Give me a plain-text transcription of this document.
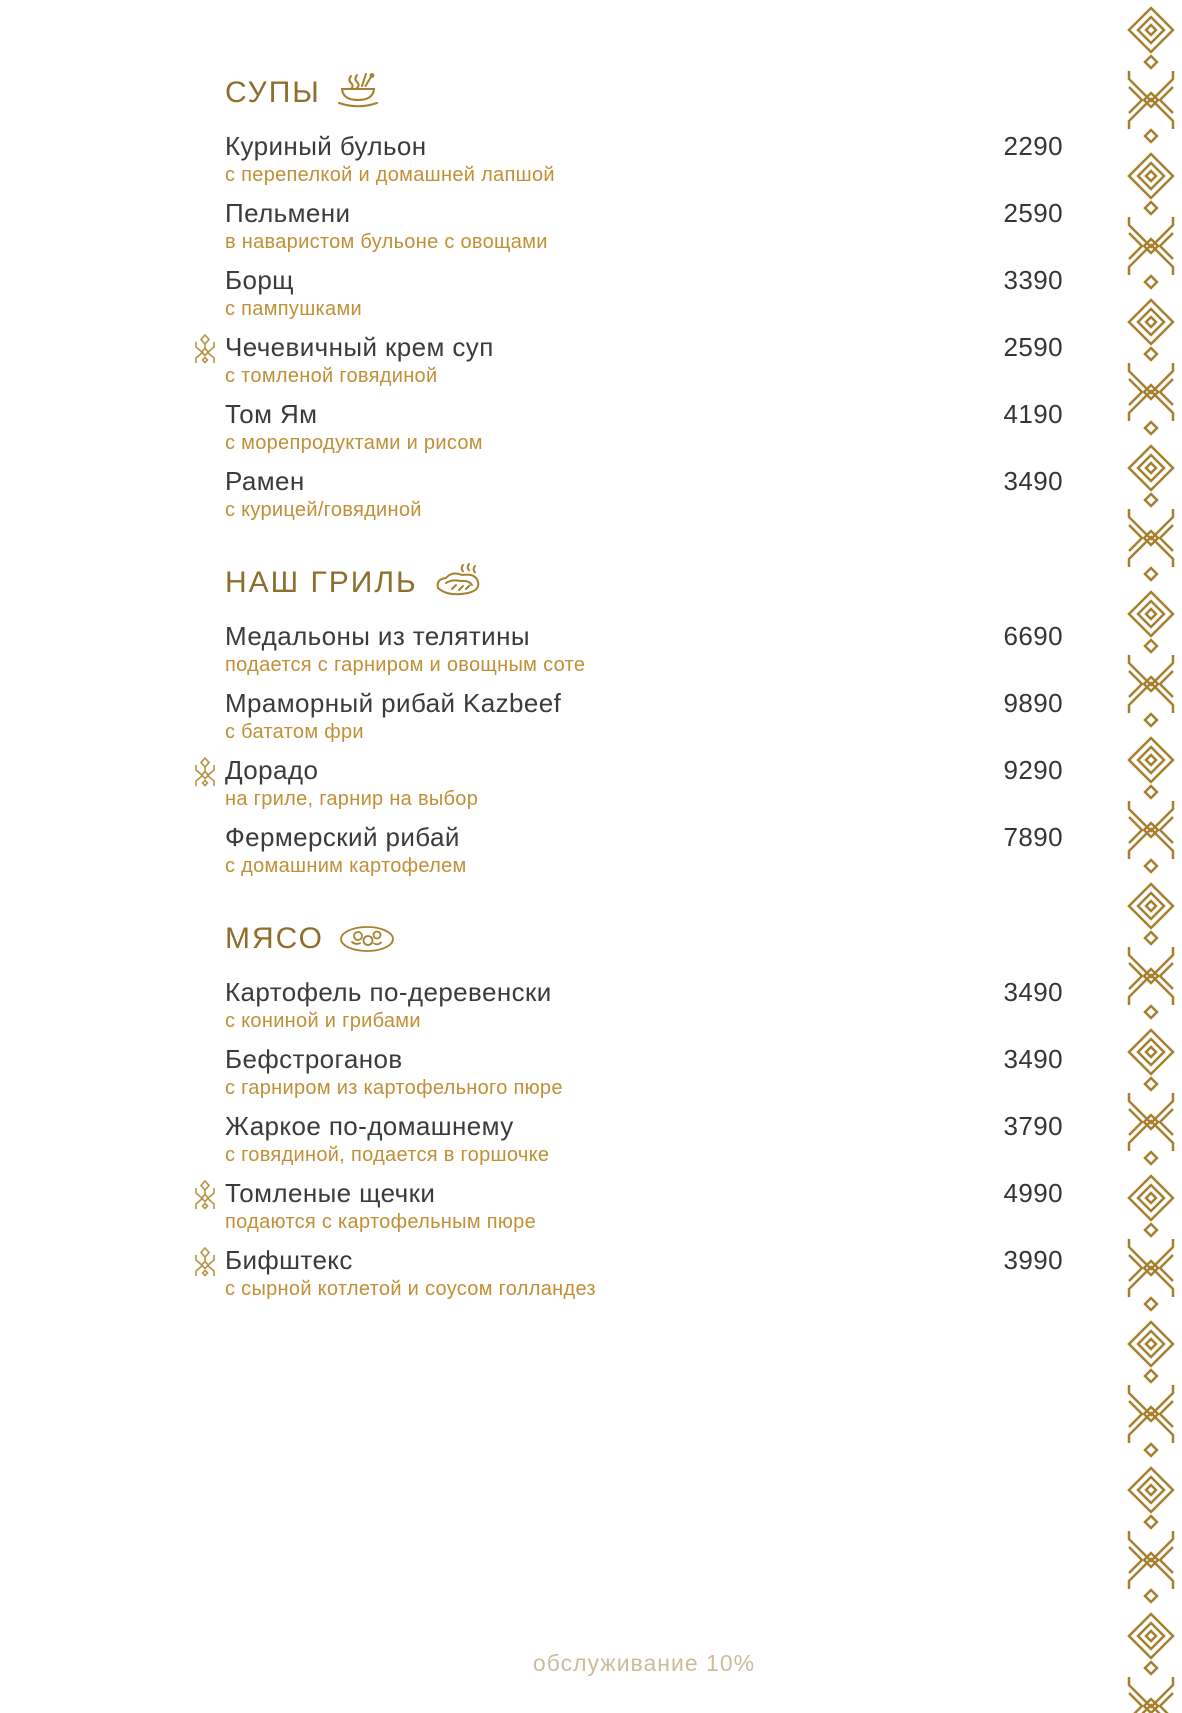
СУПЫ
Куриный бульон	2290
с перепелкой и домашней лапшой
Пельмени	2590
в наваристом бульоне с овощами
Борщ	3390
с пампушками
Чечевичный крем суп	2590
с томленой говядиной
Том Ям	4190
с морепродуктами и рисом
Рамен	3490
с курицей/говядиной
НАШ ГРИЛЬ
Медальоны из телятины	6690
подается с гарниром и овощным соте
Мраморный рибай Kazbeef	9890
с бататом фри
Дорадо	9290
на гриле, гарнир на выбор
Фермерский рибай	7890
с домашним картофелем
МЯСО
Картофель по-деревенски	3490
с кониной и грибами
Бефстроганов	3490
с гарниром из картофельного пюре
Жаркое по-домашнему	3790
с говядиной, подается в горшочке
Томленые щечки	4990
подаются с картофельным пюре
Бифштекс	3990
с сырной котлетой и соусом голландез
обслуживание 10%
